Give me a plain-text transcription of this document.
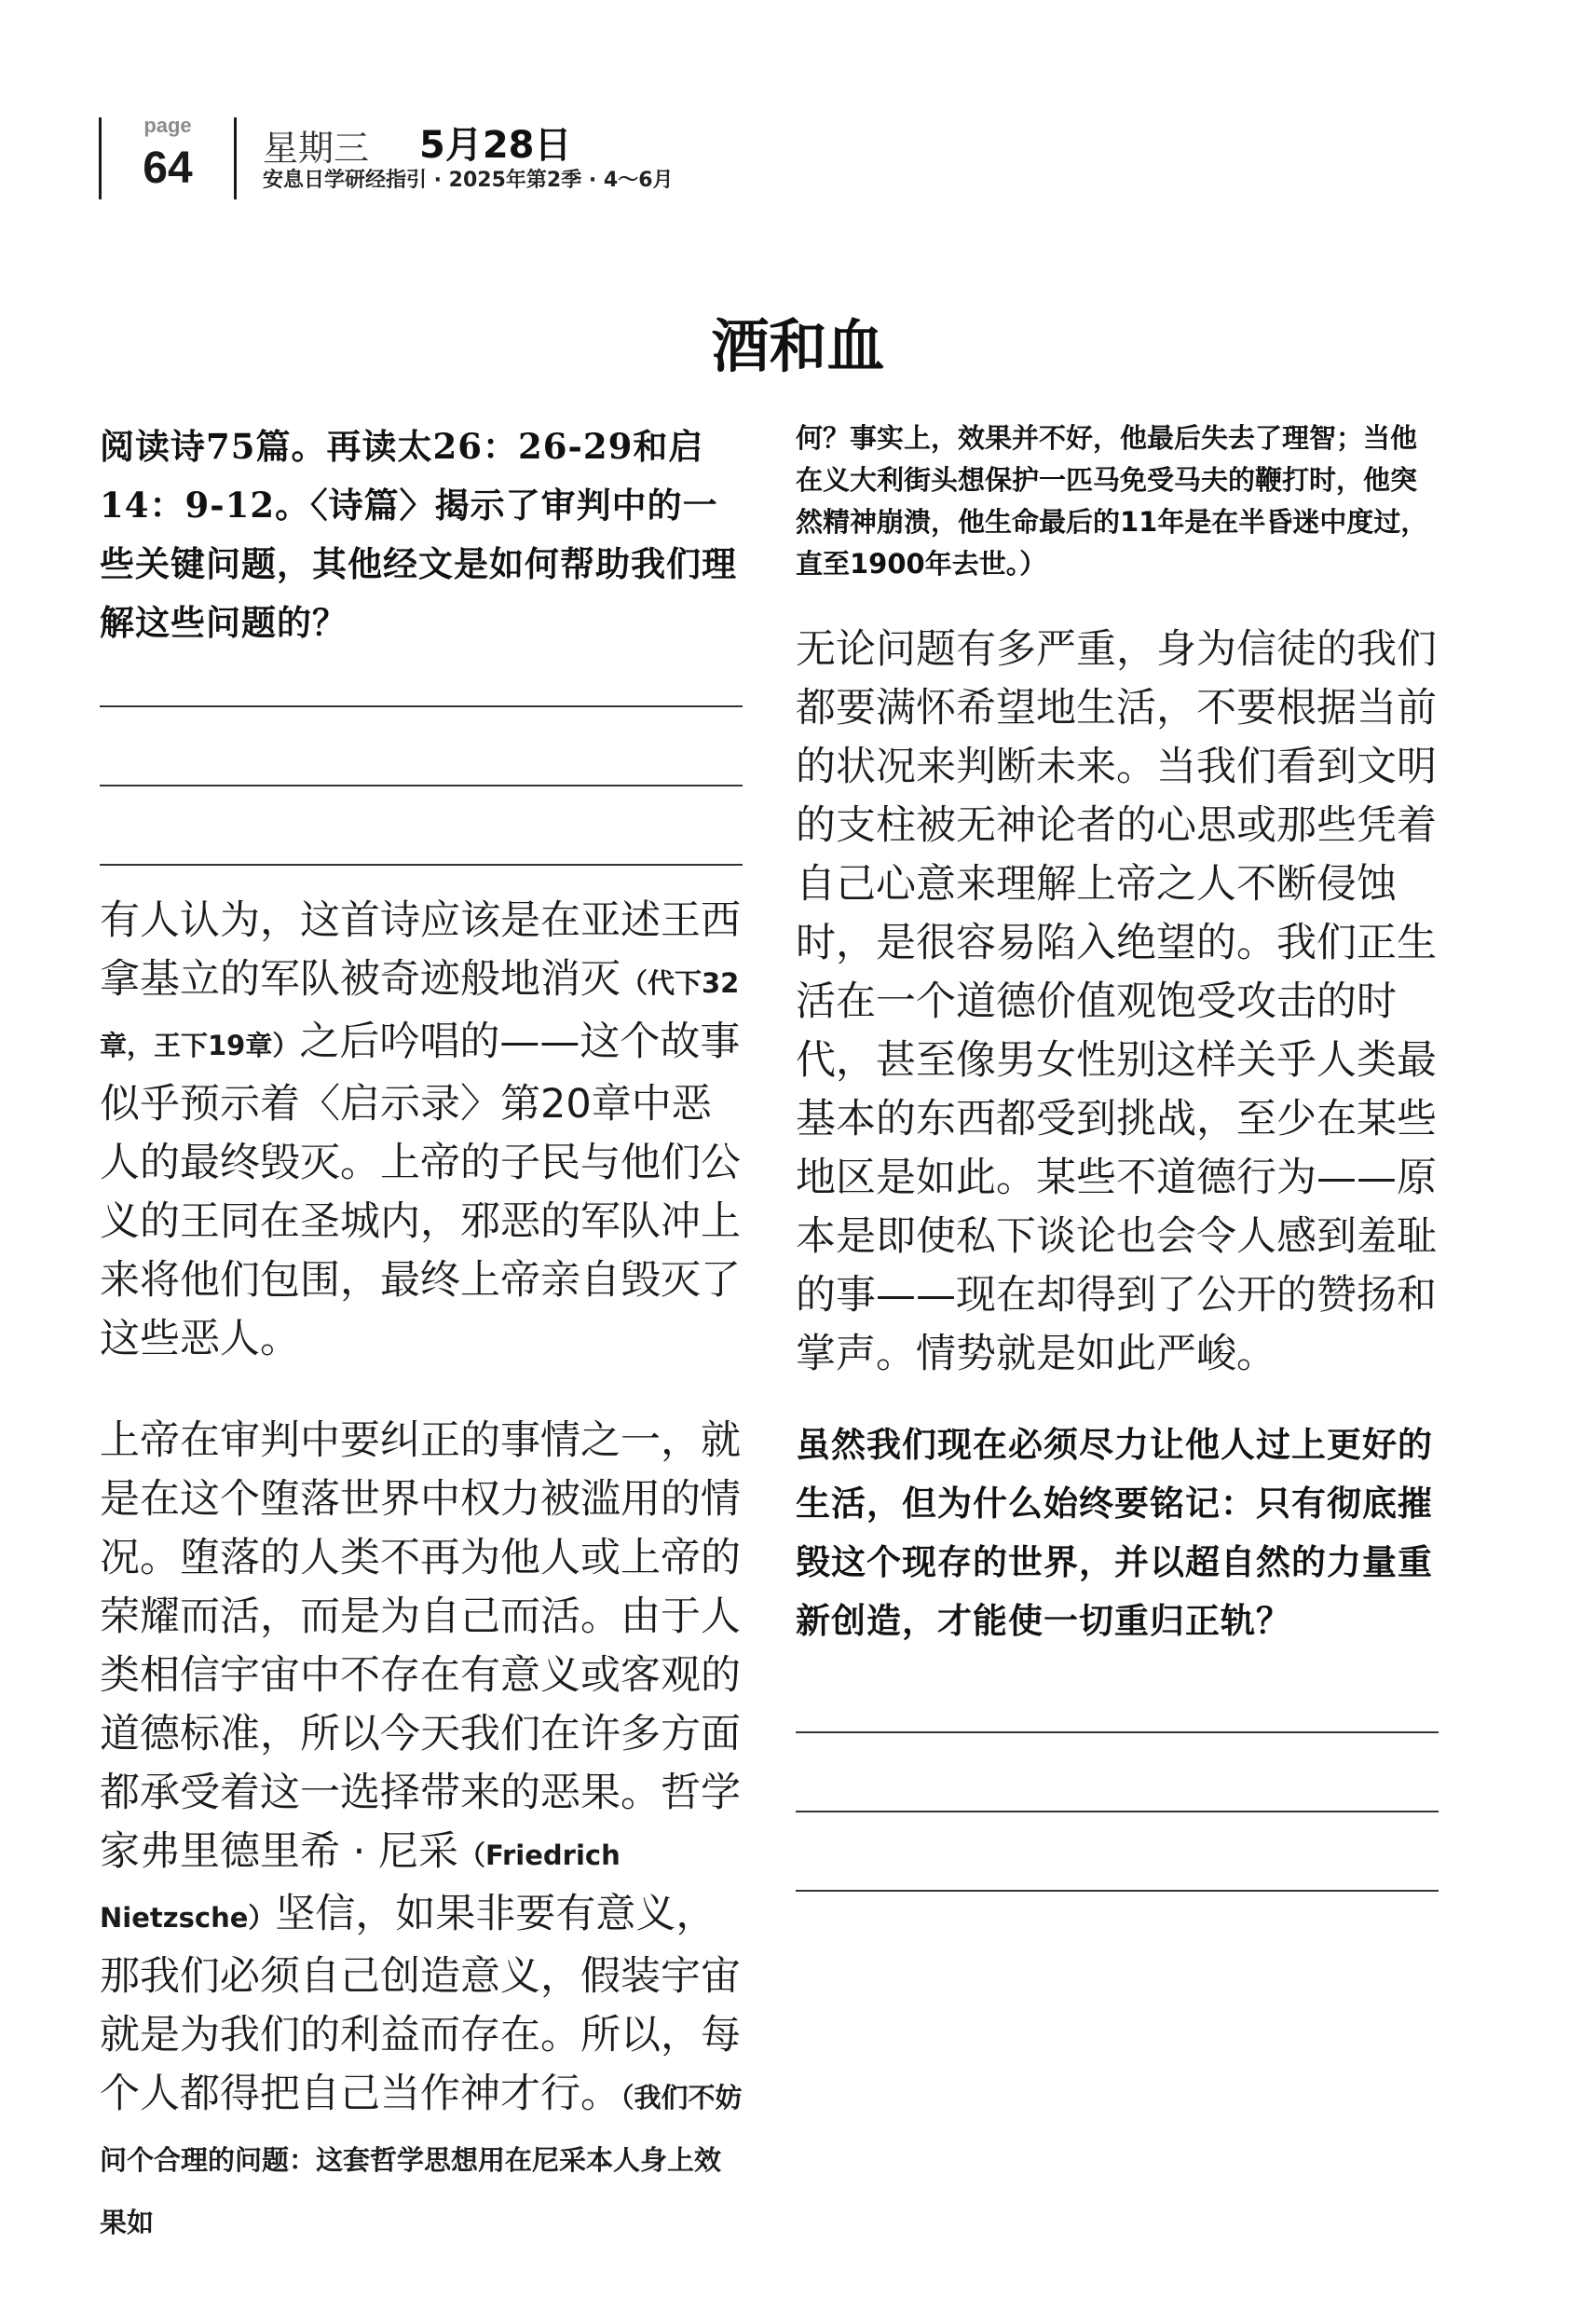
page
64	星期三 5月28日
安息日学研经指引 · 2025年第2季 · 4～6月
酒和血

阅读诗75篇。再读太26：26-29和启14：9-12。〈诗篇〉揭示了审判中的一些关键问题，其他经文是如何帮助我们理解这些问题的？

有人认为，这首诗应该是在亚述王西拿基立的军队被奇迹般地消灭（代下32章，王下19章）之后吟唱的——这个故事似乎预示着〈启示录〉第20章中恶人的最终毁灭。上帝的子民与他们公义的王同在圣城内，邪恶的军队冲上来将他们包围，最终上帝亲自毁灭了这些恶人。

上帝在审判中要纠正的事情之一，就是在这个堕落世界中权力被滥用的情况。堕落的人类不再为他人或上帝的荣耀而活，而是为自己而活。由于人类相信宇宙中不存在有意义或客观的道德标准，所以今天我们在许多方面都承受着这一选择带来的恶果。哲学家弗里德里希 · 尼采（Friedrich Nietzsche）坚信，如果非要有意义，那我们必须自己创造意义，假装宇宙就是为我们的利益而存在。所以，每个人都得把自己当作神才行。（我们不妨问个合理的问题：这套哲学思想用在尼采本人身上效果如

何？事实上，效果并不好，他最后失去了理智；当他在义大利街头想保护一匹马免受马夫的鞭打时，他突然精神崩溃，他生命最后的11年是在半昏迷中度过，直至1900年去世。）

无论问题有多严重，身为信徒的我们都要满怀希望地生活，不要根据当前的状况来判断未来。当我们看到文明的支柱被无神论者的心思或那些凭着自己心意来理解上帝之人不断侵蚀时，是很容易陷入绝望的。我们正生活在一个道德价值观饱受攻击的时代，甚至像男女性别这样关乎人类最基本的东西都受到挑战，至少在某些地区是如此。某些不道德行为——原本是即使私下谈论也会令人感到羞耻的事——现在却得到了公开的赞扬和掌声。情势就是如此严峻。

虽然我们现在必须尽力让他人过上更好的生活，但为什么始终要铭记：只有彻底摧毁这个现存的世界，并以超自然的力量重新创造，才能使一切重归正轨？
